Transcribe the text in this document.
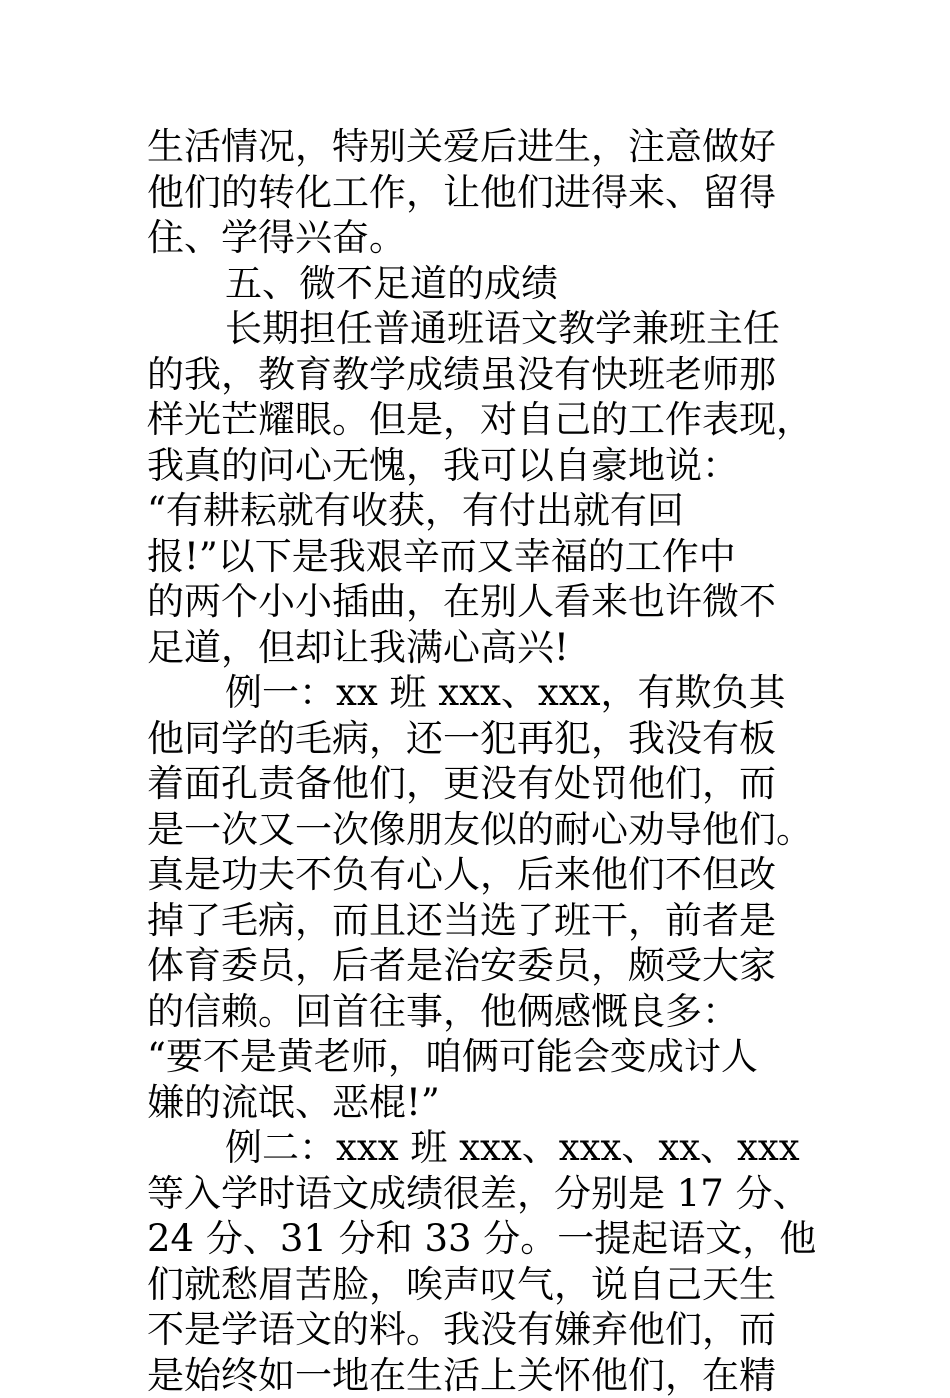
生活情况，特别关爱后进生，注意做好
他们的转化工作，让他们进得来、留得
住、学得兴奋。
五、微不足道的成绩
长期担任普通班语文教学兼班主任
的我，教育教学成绩虽没有快班老师那
样光芒耀眼。但是，对自己的工作表现，
我真的问心无愧，我可以自豪地说：
“有耕耘就有收获，有付出就有回
报!”以下是我艰辛而又幸福的工作中
的两个小小插曲，在别人看来也许微不
足道，但却让我满心高兴!
例一：xx 班 xxx、xxx，有欺负其
他同学的毛病，还一犯再犯，我没有板
着面孔责备他们，更没有处罚他们，而
是一次又一次像朋友似的耐心劝导他们。
真是功夫不负有心人，后来他们不但改
掉了毛病，而且还当选了班干，前者是
体育委员，后者是治安委员，颇受大家
的信赖。回首往事，他俩感慨良多：
“要不是黄老师，咱俩可能会变成讨人
嫌的流氓、恶棍!”
例二：xxx 班 xxx、xxx、xx、xxx
等入学时语文成绩很差，分别是 17 分、
24 分、31 分和 33 分。一提起语文，他
们就愁眉苦脸，唉声叹气，说自己天生
不是学语文的料。我没有嫌弃他们，而
是始终如一地在生活上关怀他们，在精
